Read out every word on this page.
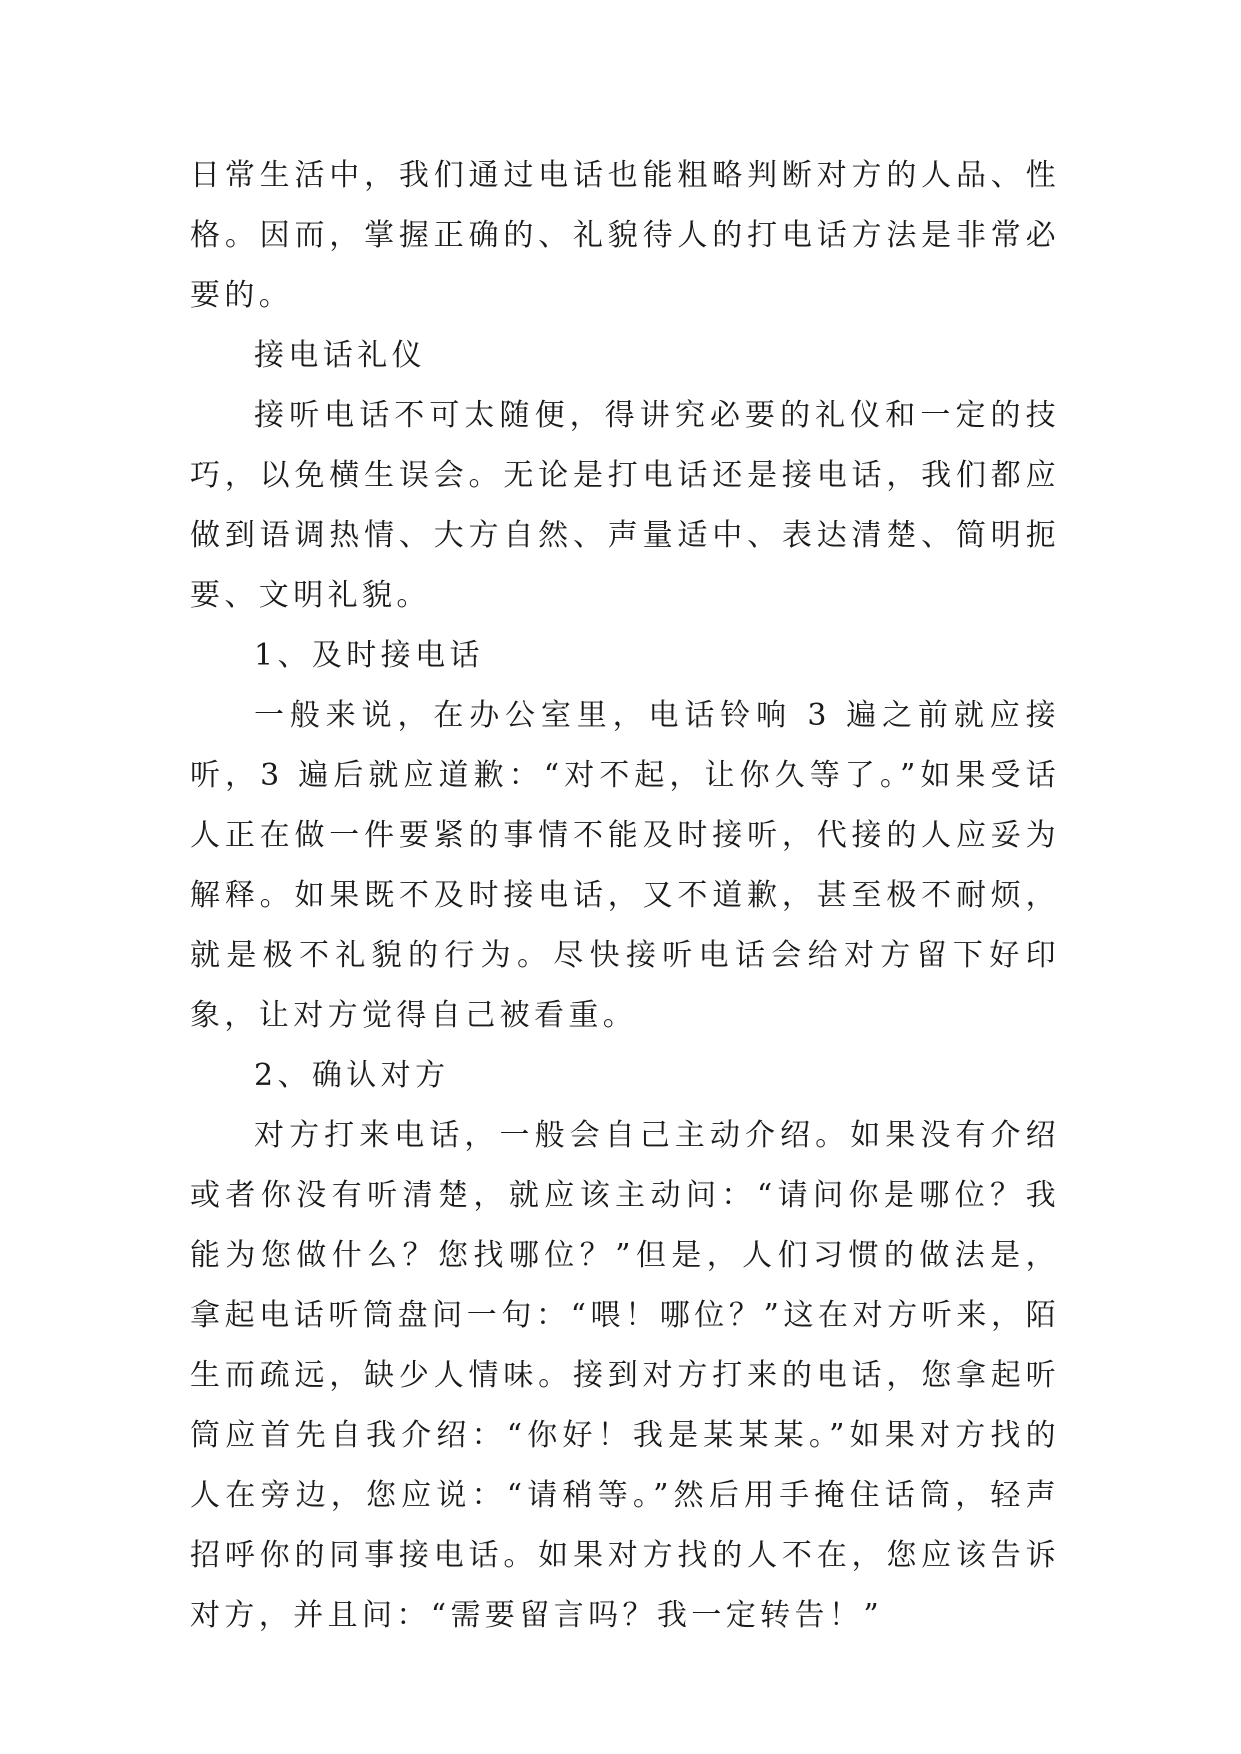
日常生活中，我们通过电话也能粗略判断对方的人品、性格。因而，掌握正确的、礼貌待人的打电话方法是非常必要的。

接电话礼仪

接听电话不可太随便，得讲究必要的礼仪和一定的技巧，以免横生误会。无论是打电话还是接电话，我们都应做到语调热情、大方自然、声量适中、表达清楚、简明扼要、文明礼貌。

1、及时接电话

一般来说，在办公室里，电话铃响 3 遍之前就应接听，3 遍后就应道歉：“对不起，让你久等了。”如果受话人正在做一件要紧的事情不能及时接听，代接的人应妥为解释。如果既不及时接电话，又不道歉，甚至极不耐烦，就是极不礼貌的行为。尽快接听电话会给对方留下好印象，让对方觉得自己被看重。

2、确认对方

对方打来电话，一般会自己主动介绍。如果没有介绍或者你没有听清楚，就应该主动问：“请问你是哪位？我能为您做什么？您找哪位？”但是，人们习惯的做法是，拿起电话听筒盘问一句：“喂！哪位？”这在对方听来，陌生而疏远，缺少人情味。接到对方打来的电话，您拿起听筒应首先自我介绍：“你好！我是某某某。”如果对方找的人在旁边，您应说：“请稍等。”然后用手掩住话筒，轻声招呼你的同事接电话。如果对方找的人不在，您应该告诉对方，并且问：“需要留言吗？我一定转告！”
